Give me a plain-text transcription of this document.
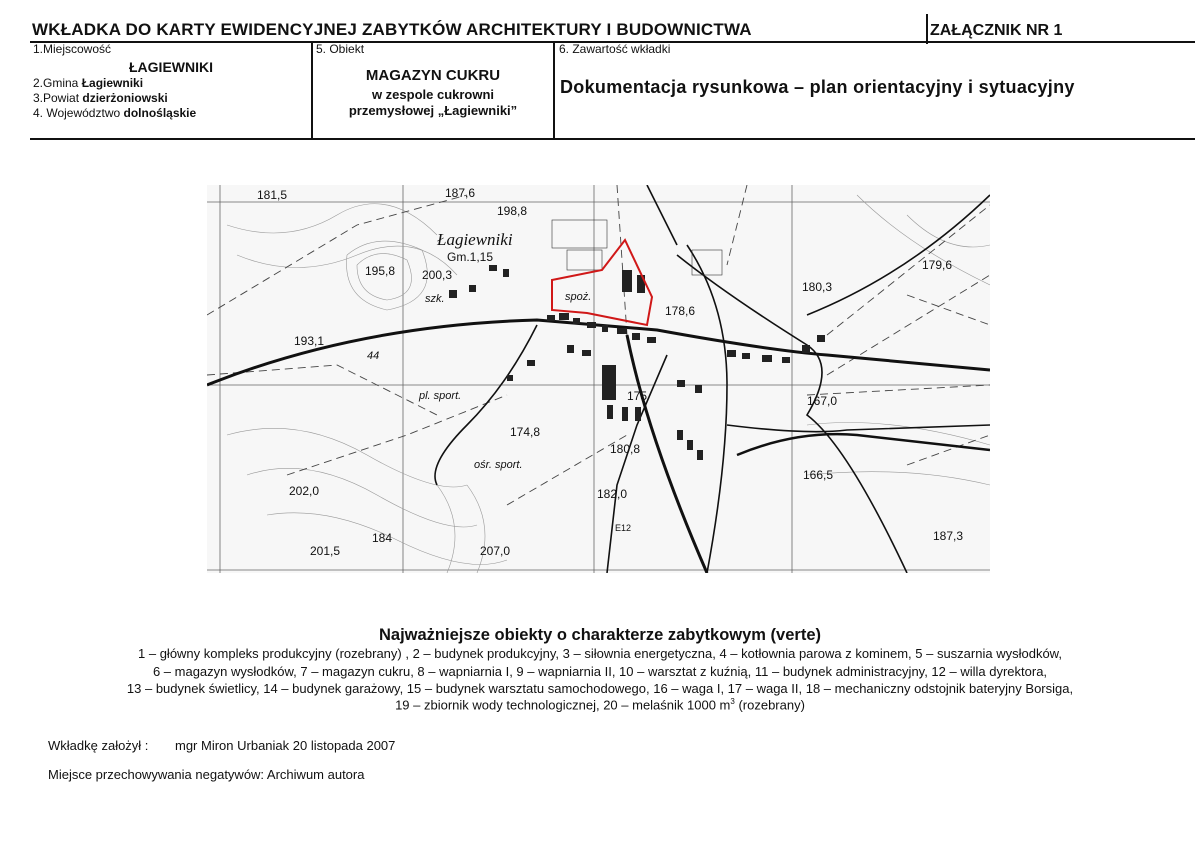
WKŁADKA DO KARTY EWIDENCYJNEJ ZABYTKÓW ARCHITEKTURY I BUDOWNICTWA	ZAŁĄCZNIK NR 1
1.Miejscowość
ŁAGIEWNIKI
2.Gmina Łagiewniki
3.Powiat dzierżoniowski
4. Województwo dolnośląskie
5. Obiekt
MAGAZYN CUKRU
w zespole cukrowni
przemysłowej „Łagiewniki”
6. Zawartość wkładki
Dokumentacja rysunkowa – plan orientacyjny i sytuacyjny
181,5	187,6
198,8
Łagiewniki
Gm.1,15
195,8 200,3
szk.	spoż.
178,6
179,6
180,3
193,1
44
pl. sport.	175	167,0
174,8
180,8
ośr. sport.
166,5
202,0	182,0
E12
187,3
201,5
184
207,0
Najważniejsze obiekty o charakterze zabytkowym (verte)
1 – główny kompleks produkcyjny (rozebrany) , 2 – budynek produkcyjny, 3 – siłownia energetyczna, 4 – kotłownia parowa z kominem, 5 – suszarnia wysłodków,
6 – magazyn wysłodków, 7 – magazyn cukru, 8 – wapniarnia I, 9 – wapniarnia II, 10 – warsztat z kuźnią, 11 – budynek administracyjny, 12 – willa dyrektora,
13 – budynek świetlicy, 14 – budynek garażowy, 15 – budynek warsztatu samochodowego, 16 – waga I, 17 – waga II, 18 – mechaniczny odstojnik bateryjny Borsiga,
19 – zbiornik wody technologicznej, 20 – melaśnik 1000 $m^3$ (rozebrany)
Wkładkę założył : mgr Miron Urbaniak 20 listopada 2007
Miejsce przechowywania negatywów: Archiwum autora
